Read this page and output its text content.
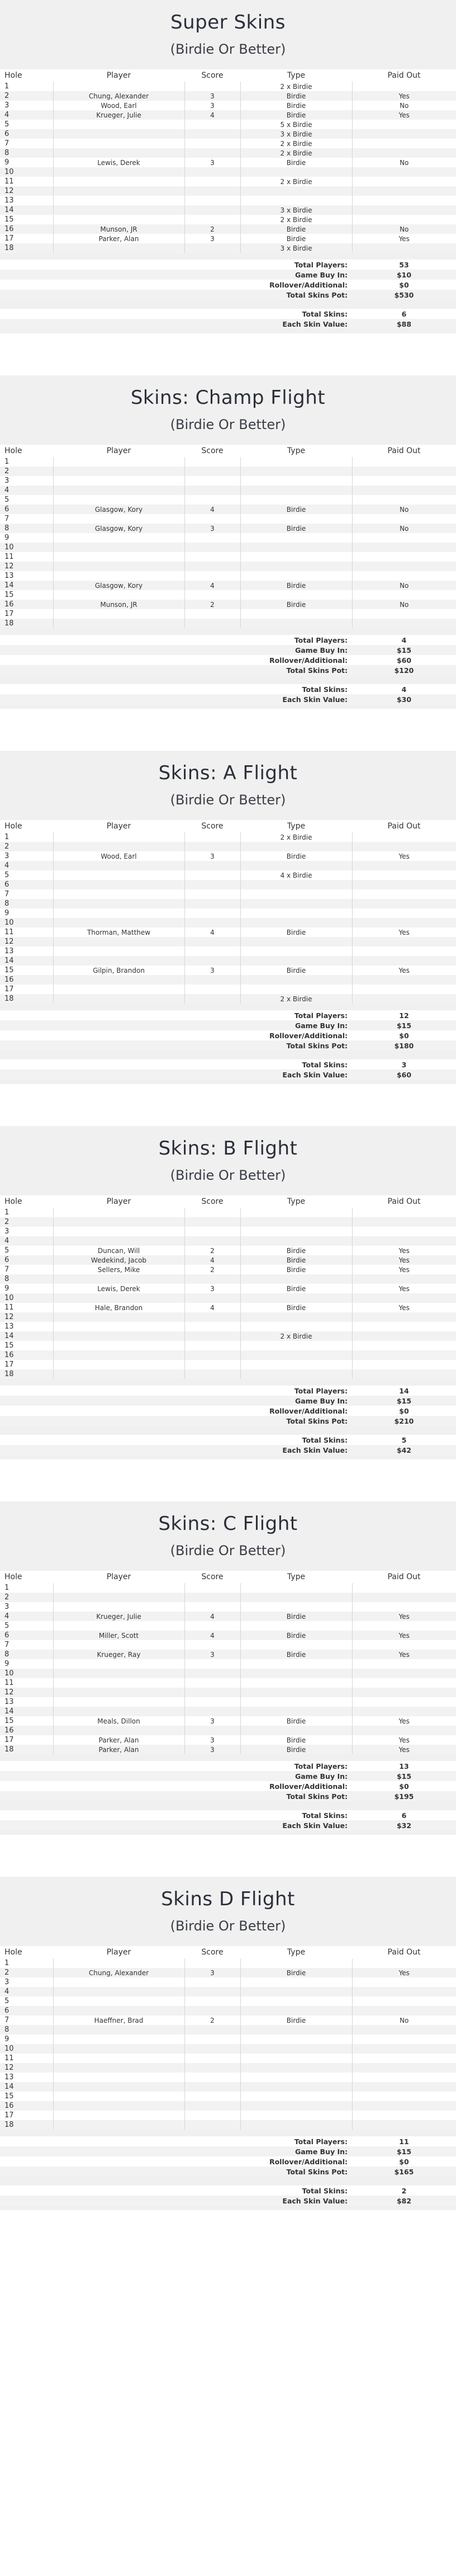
Super Skins
(Birdie Or Better)
Hole	Player	Score	Type	Paid Out
1			2 x Birdie	
2	Chung, Alexander	3	Birdie	Yes
3	Wood, Earl	3	Birdie	No
4	Krueger, Julie	4	Birdie	Yes
5			5 x Birdie	
6			3 x Birdie	
7			2 x Birdie	
8			2 x Birdie	
9	Lewis, Derek	3	Birdie	No
10				
11			2 x Birdie	
12				
13				
14			3 x Birdie	
15			2 x Birdie	
16	Munson, JR	2	Birdie	No
17	Parker, Alan	3	Birdie	Yes
18			3 x Birdie	
Total Players:	53
Game Buy In:	$10
Rollover/Additional:	$0
Total Skins Pot:	$530

Total Skins:	6
Each Skin Value:	$88
Skins: Champ Flight
(Birdie Or Better)
Hole	Player	Score	Type	Paid Out
1				
2				
3				
4				
5				
6	Glasgow, Kory	4	Birdie	No
7				
8	Glasgow, Kory	3	Birdie	No
9				
10				
11				
12				
13				
14	Glasgow, Kory	4	Birdie	No
15				
16	Munson, JR	2	Birdie	No
17				
18				
Total Players:	4
Game Buy In:	$15
Rollover/Additional:	$60
Total Skins Pot:	$120

Total Skins:	4
Each Skin Value:	$30
Skins: A Flight
(Birdie Or Better)
Hole	Player	Score	Type	Paid Out
1			2 x Birdie	
2				
3	Wood, Earl	3	Birdie	Yes
4				
5			4 x Birdie	
6				
7				
8				
9				
10				
11	Thorman, Matthew	4	Birdie	Yes
12				
13				
14				
15	Gilpin, Brandon	3	Birdie	Yes
16				
17				
18			2 x Birdie	
Total Players:	12
Game Buy In:	$15
Rollover/Additional:	$0
Total Skins Pot:	$180

Total Skins:	3
Each Skin Value:	$60
Skins: B Flight
(Birdie Or Better)
Hole	Player	Score	Type	Paid Out
1				
2				
3				
4				
5	Duncan, Will	2	Birdie	Yes
6	Wedekind, Jacob	4	Birdie	Yes
7	Sellers, Mike	2	Birdie	Yes
8				
9	Lewis, Derek	3	Birdie	Yes
10				
11	Hale, Brandon	4	Birdie	Yes
12				
13				
14			2 x Birdie	
15				
16				
17				
18				
Total Players:	14
Game Buy In:	$15
Rollover/Additional:	$0
Total Skins Pot:	$210

Total Skins:	5
Each Skin Value:	$42
Skins: C Flight
(Birdie Or Better)
Hole	Player	Score	Type	Paid Out
1				
2				
3				
4	Krueger, Julie	4	Birdie	Yes
5				
6	Miller, Scott	4	Birdie	Yes
7				
8	Krueger, Ray	3	Birdie	Yes
9				
10				
11				
12				
13				
14				
15	Meals, Dillon	3	Birdie	Yes
16				
17	Parker, Alan	3	Birdie	Yes
18	Parker, Alan	3	Birdie	Yes
Total Players:	13
Game Buy In:	$15
Rollover/Additional:	$0
Total Skins Pot:	$195

Total Skins:	6
Each Skin Value:	$32
Skins D Flight
(Birdie Or Better)
Hole	Player	Score	Type	Paid Out
1				
2	Chung, Alexander	3	Birdie	Yes
3				
4				
5				
6				
7	Haeffner, Brad	2	Birdie	No
8				
9				
10				
11				
12				
13				
14				
15				
16				
17				
18				
Total Players:	11
Game Buy In:	$15
Rollover/Additional:	$0
Total Skins Pot:	$165

Total Skins:	2
Each Skin Value:	$82
